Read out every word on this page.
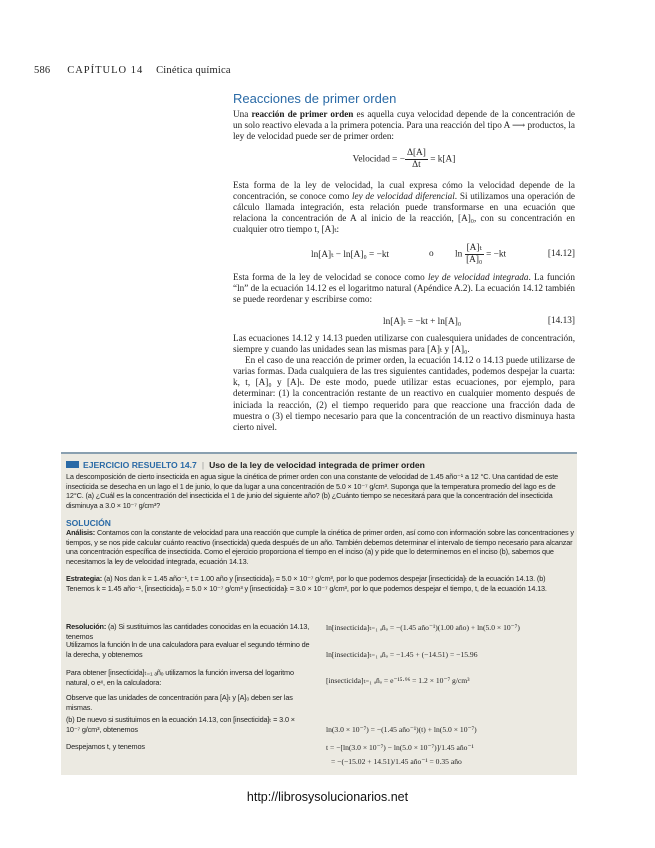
586 CAPÍTULO 14 Cinética química
Reacciones de primer orden

Una reacción de primer orden es aquella cuya velocidad depende de la concentración de un solo reactivo elevada a la primera potencia. Para una reacción del tipo A ⟶ productos, la ley de velocidad puede ser de primer orden:

Velocidad = − $\frac{\Delta[A]}{\Delta t} = k[A]$

Esta forma de la ley de velocidad, la cual expresa cómo la velocidad depende de la concentración, se conoce como ley de velocidad diferencial. Si utilizamos una operación de cálculo llamada integración, esta relación puede transformarse en una ecuación que relaciona la concentración de A al inicio de la reacción, [A]₀, con su concentración en cualquier otro tiempo t, [A]ₜ:

ln[A]ₜ − ln[A]₀ = −kt	o $\ln \frac{\text{[A]ₜ}}{\text{[A]₀}} = -kt$	[14.12]

Esta forma de la ley de velocidad se conoce como ley de velocidad integrada. La función “ln” de la ecuación 14.12 es el logaritmo natural (Apéndice A.2). La ecuación 14.12 también se puede reordenar y escribirse como:

ln[A]ₜ = −kt + ln[A]₀	[14.13]

Las ecuaciones 14.12 y 14.13 pueden utilizarse con cualesquiera unidades de concentración, siempre y cuando las unidades sean las mismas para [A]ₜ y [A]₀.

En el caso de una reacción de primer orden, la ecuación 14.12 o 14.13 puede utilizarse de varias formas. Dada cualquiera de las tres siguientes cantidades, podemos despejar la cuarta: k, t, [A]₀ y [A]ₜ. De este modo, puede utilizar estas ecuaciones, por ejemplo, para determinar: (1) la concentración restante de un reactivo en cualquier momento después de iniciada la reacción, (2) el tiempo requerido para que reaccione una fracción dada de muestra o (3) el tiempo necesario para que la concentración de un reactivo disminuya hasta cierto nivel.

EJERCICIO RESUELTO 14.7 | Uso de la ley de velocidad integrada de primer orden
La descomposición de cierto insecticida en agua sigue la cinética de primer orden con una constante de velocidad de 1.45 año⁻¹ a 12 °C. Una cantidad de este insecticida se desecha en un lago el 1 de junio, lo que da lugar a una concentración de 5.0 × 10⁻⁷ g/cm³. Suponga que la temperatura promedio del lago es de 12°C. (a) ¿Cuál es la concentración del insecticida el 1 de junio del siguiente año? (b) ¿Cuánto tiempo se necesitará para que la concentración del insecticida disminuya a 3.0 × 10⁻⁷ g/cm³?
SOLUCIÓN

Análisis: Contamos con la constante de velocidad para una reacción que cumple la cinética de primer orden, así como con información sobre las concentraciones y tiempos, y se nos pide calcular cuánto reactivo (insecticida) queda después de un año. También debemos determinar el intervalo de tiempo necesario para alcanzar una concentración específica de insecticida. Como el ejercicio proporciona el tiempo en el inciso (a) y pide que lo determinemos en el inciso (b), sabemos que necesitamos la ley de velocidad integrada, ecuación 14.13.

Estrategia: (a) Nos dan k = 1.45 año⁻¹, t = 1.00 año y [insecticida]₀ = 5.0 × 10⁻⁷ g/cm³, por lo que podemos despejar [insecticida]ₜ de la ecuación 14.13. (b) Tenemos k = 1.45 año⁻¹, [insecticida]₀ = 5.0 × 10⁻⁷ g/cm³ y [insecticida]ₜ = 3.0 × 10⁻⁷ g/cm³, por lo que podemos despejar el tiempo, t, de la ecuación 14.13.

Resolución: (a) Si sustituimos las cantidades conocidas en la ecuación 14.13, tenemos

ln[insecticida]ₜ₌₁ ₐñₒ = −(1.45 año⁻¹)(1.00 año) + ln(5.0 × 10⁻⁷)
Utilizamos la función ln de una calculadora para evaluar el segundo término de la derecha, y obtenemos	ln[insecticida]ₜ₌₁ ₐñₒ = −1.45 + (−14.51) = −15.96
Para obtener [insecticida]ₜ₌₁ ₐñₒ utilizamos la función inversa del logaritmo natural, o eˣ, en la calculadora:	[insecticida]ₜ₌₁ ₐñₒ = e⁻¹⁵·⁹⁶ = 1.2 × 10⁻⁷ g/cm³
Observe que las unidades de concentración para [A]ₜ y [A]₀ deben ser las mismas.
(b) De nuevo si sustituimos en la ecuación 14.13, con [insecticida]ₜ = 3.0 × 10⁻⁷ g/cm³, obtenemos	ln(3.0 × 10⁻⁷) = −(1.45 año⁻¹)(t) + ln(5.0 × 10⁻⁷)
Despejamos t, y tenemos	t = −[ln(3.0 × 10⁻⁷) − ln(5.0 × 10⁻⁷)]/1.45 año⁻¹
= −(−15.02 + 14.51)/1.45 año⁻¹ = 0.35 año
http://librosysolucionarios.net
